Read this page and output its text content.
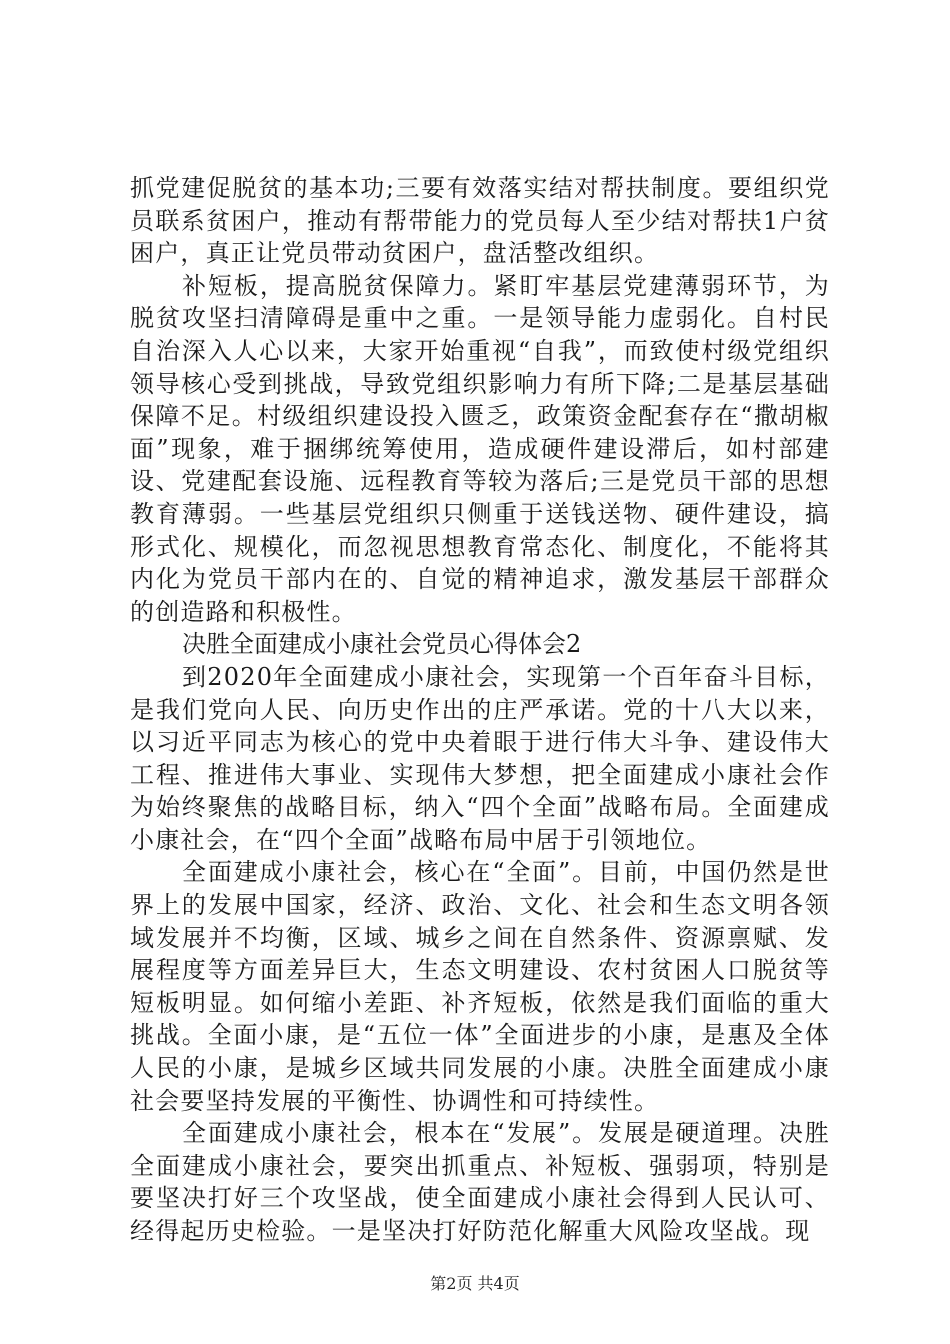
抓党建促脱贫的基本功;三要有效落实结对帮扶制度。要组织党员联系贫困户，推动有帮带能力的党员每人至少结对帮扶1户贫困户，真正让党员带动贫困户，盘活整改组织。

补短板，提高脱贫保障力。紧盯牢基层党建薄弱环节，为脱贫攻坚扫清障碍是重中之重。一是领导能力虚弱化。自村民自治深入人心以来，大家开始重视“自我”，而致使村级党组织领导核心受到挑战，导致党组织影响力有所下降;二是基层基础保障不足。村级组织建设投入匮乏，政策资金配套存在“撒胡椒面”现象，难于捆绑统筹使用，造成硬件建设滞后，如村部建设、党建配套设施、远程教育等较为落后;三是党员干部的思想教育薄弱。一些基层党组织只侧重于送钱送物、硬件建设，搞形式化、规模化，而忽视思想教育常态化、制度化，不能将其内化为党员干部内在的、自觉的精神追求，激发基层干部群众的创造路和积极性。

决胜全面建成小康社会党员心得体会2

到2020年全面建成小康社会，实现第一个百年奋斗目标，是我们党向人民、向历史作出的庄严承诺。党的十八大以来，以习近平同志为核心的党中央着眼于进行伟大斗争、建设伟大工程、推进伟大事业、实现伟大梦想，把全面建成小康社会作为始终聚焦的战略目标，纳入“四个全面”战略布局。全面建成小康社会，在“四个全面”战略布局中居于引领地位。

全面建成小康社会，核心在“全面”。目前，中国仍然是世界上的发展中国家，经济、政治、文化、社会和生态文明各领域发展并不均衡，区域、城乡之间在自然条件、资源禀赋、发展程度等方面差异巨大，生态文明建设、农村贫困人口脱贫等短板明显。如何缩小差距、补齐短板，依然是我们面临的重大挑战。全面小康，是“五位一体”全面进步的小康，是惠及全体人民的小康，是城乡区域共同发展的小康。决胜全面建成小康社会要坚持发展的平衡性、协调性和可持续性。

全面建成小康社会，根本在“发展”。发展是硬道理。决胜全面建成小康社会，要突出抓重点、补短板、强弱项，特别是要坚决打好三个攻坚战，使全面建成小康社会得到人民认可、经得起历史检验。一是坚决打好防范化解重大风险攻坚战。现

第2页 共4页
